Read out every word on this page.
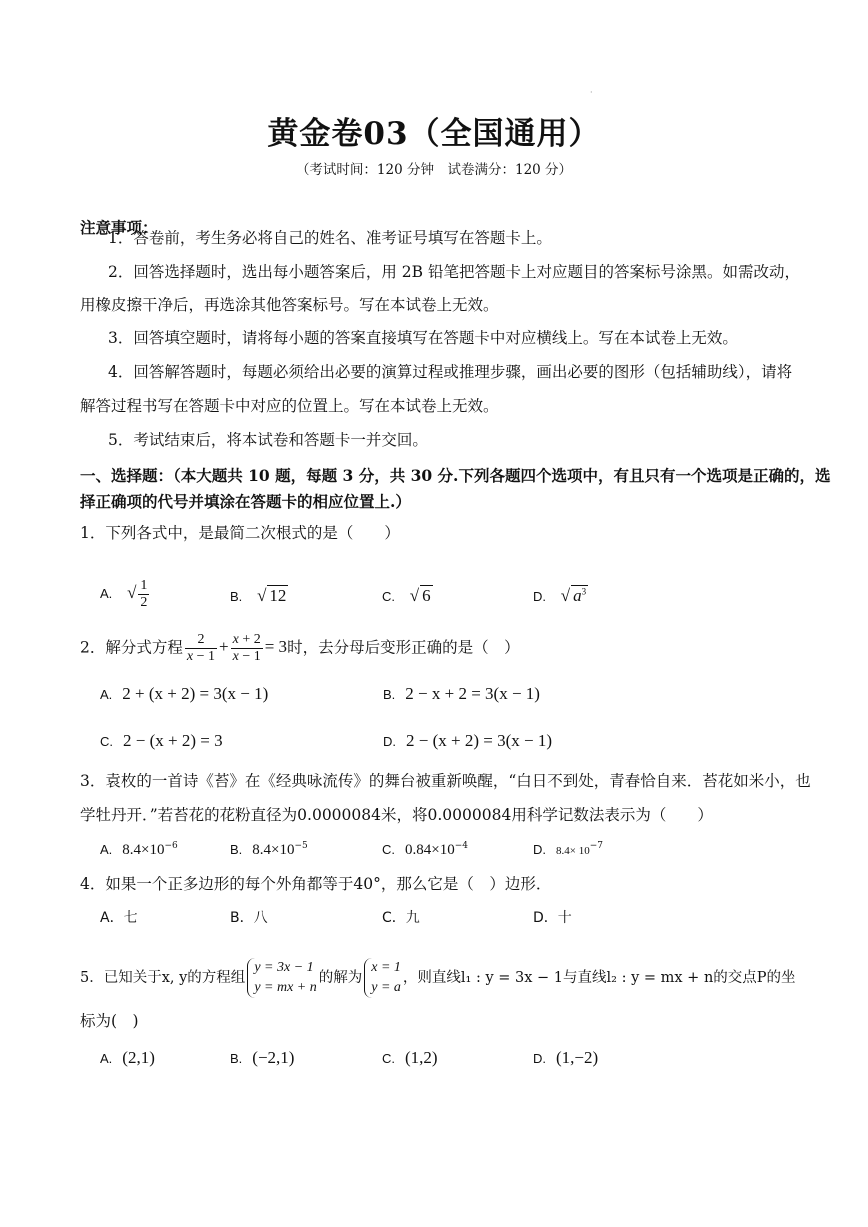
·
黄金卷03（全国通用）
（考试时间：120 分钟　试卷满分：120 分）
注意事项：
1．答卷前，考生务必将自己的姓名、准考证号填写在答题卡上。
2．回答选择题时，选出每小题答案后，用 2B 铅笔把答题卡上对应题目的答案标号涂黑。如需改动，
用橡皮擦干净后，再选涂其他答案标号。写在本试卷上无效。
3．回答填空题时，请将每小题的答案直接填写在答题卡中对应横线上。写在本试卷上无效。
4．回答解答题时，每题必须给出必要的演算过程或推理步骤，画出必要的图形（包括辅助线），请将
解答过程书写在答题卡中对应的位置上。写在本试卷上无效。
5．考试结束后，将本试卷和答题卡一并交回。
一、选择题：（本大题共 10 题，每题 3 分，共 30 分.下列各题四个选项中，有且只有一个选项是正确的，选
择正确项的代号并填涂在答题卡的相应位置上.）
1．下列各式中，是最简二次根式的是（　　）
A. √ $\frac{1}{2}$	B. √ 12	C. √ 6	D. √ $a^3$
2．解分式方程 $\frac{2}{x - 1} + \frac{x + 2}{x - 1} = 3$时，去分母后变形正确的是（　）
A. 2 + (x + 2) = 3(x − 1)	B. 2 − x + 2 = 3(x − 1)
C. 2 − (x + 2) = 3	D. 2 − (x + 2) = 3(x − 1)
3．袁枚的一首诗《苔》在《经典咏流传》的舞台被重新唤醒，“白日不到处，青春恰自来．苔花如米小，也
学牡丹开．”若苔花的花粉直径为0.0000084米，将0.0000084用科学记数法表示为（　　）
A. $8.4\times 10^{-6}$	B. $8.4\times 10^{-5}$	C. $0.84\times 10^{-4}$	D. $8.4\times 10^{-7}$
4．如果一个正多边形的每个外角都等于40°，那么它是（　）边形．
A．七	B．八	C．九	D．十
5．已知关于x, y的方程组
y = 3x − 1
y = mx + n
的解为
x = 1
y = a
，则直线l₁ : y = 3x − 1与直线l₂ : y = mx + n的交点P的坐
标为(　)
A. (2,1)	B. (−2,1)	C. (1,2)	D. (1,−2)
